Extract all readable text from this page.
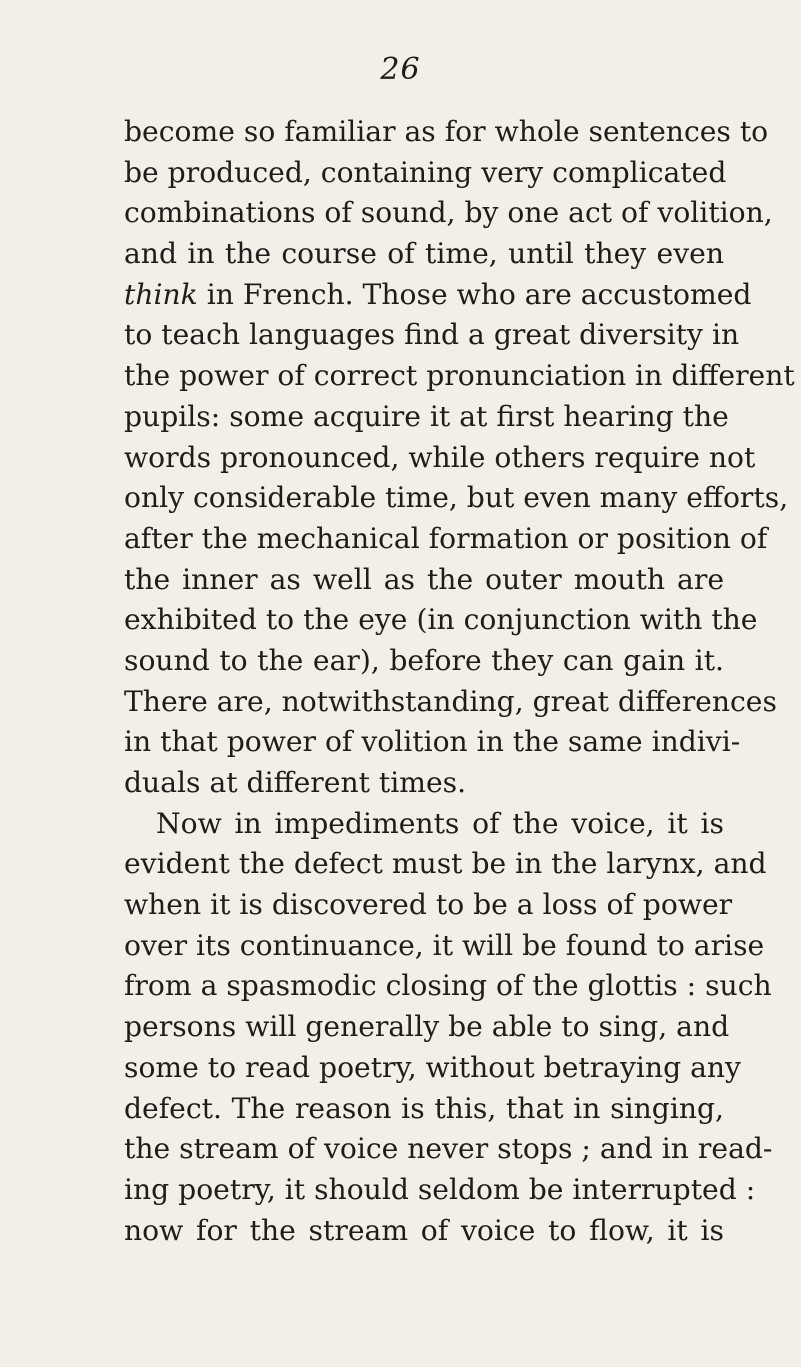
26
become so familiar as for whole sentences to
be produced, containing very complicated
combinations of sound, by one act of volition,
and in the course of time, until they even
think in French. Those who are accustomed
to teach languages find a great diversity in
the power of correct pronunciation in different
pupils: some acquire it at first hearing the
words pronounced, while others require not
only considerable time, but even many efforts,
after the mechanical formation or position of
the inner as well as the outer mouth are
exhibited to the eye (in conjunction with the
sound to the ear), before they can gain it.
There are, notwithstanding, great differences
in that power of volition in the same indivi-
duals at different times.
Now in impediments of the voice, it is
evident the defect must be in the larynx, and
when it is discovered to be a loss of power
over its continuance, it will be found to arise
from a spasmodic closing of the glottis : such
persons will generally be able to sing, and
some to read poetry, without betraying any
defect. The reason is this, that in singing,
the stream of voice never stops ; and in read-
ing poetry, it should seldom be interrupted :
now for the stream of voice to flow, it is
